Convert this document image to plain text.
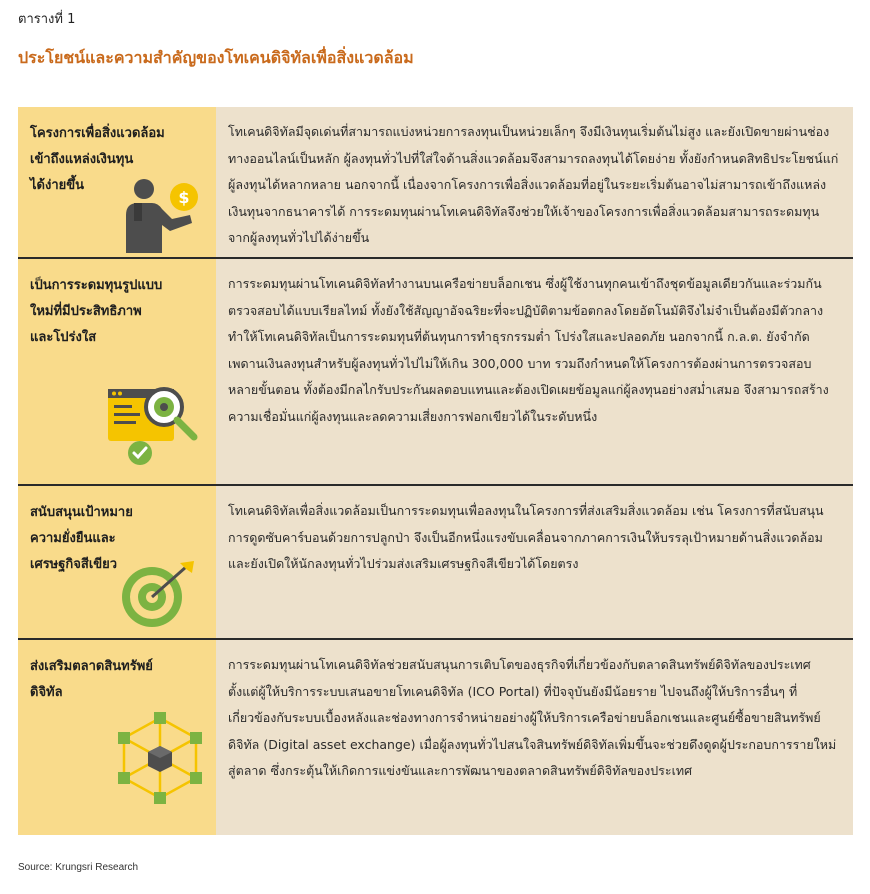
ตารางที่ 1
ประโยชน์และความสำคัญของโทเคนดิจิทัลเพื่อสิ่งแวดล้อม
โครงการเพื่อสิ่งแวดล้อม
เข้าถึงแหล่งเงินทุน
ได้ง่ายขึ้น
$
โทเคนดิจิทัลมีจุดเด่นที่สามารถแบ่งหน่วยการลงทุนเป็นหน่วยเล็กๆ จึงมีเงินทุนเริ่มต้นไม่สูง และยังเปิดขายผ่านช่องทางออนไลน์เป็นหลัก ผู้ลงทุนทั่วไปที่ใส่ใจด้านสิ่งแวดล้อมจึงสามารถลงทุนได้โดยง่าย ทั้งยังกำหนดสิทธิประโยชน์แก่ผู้ลงทุนได้หลากหลาย นอกจากนี้ เนื่องจากโครงการเพื่อสิ่งแวดล้อมที่อยู่ในระยะเริ่มต้นอาจไม่สามารถเข้าถึงแหล่งเงินทุนจากธนาคารได้ การระดมทุนผ่านโทเคนดิจิทัลจึงช่วยให้เจ้าของโครงการเพื่อสิ่งแวดล้อมสามารถระดมทุนจากผู้ลงทุนทั่วไปได้ง่ายขึ้น
เป็นการระดมทุนรูปแบบ
ใหม่ที่มีประสิทธิภาพ
และโปร่งใส
การระดมทุนผ่านโทเคนดิจิทัลทำงานบนเครือข่ายบล็อกเชน ซึ่งผู้ใช้งานทุกคนเข้าถึงชุดข้อมูลเดียวกันและร่วมกันตรวจสอบได้แบบเรียลไทม์ ทั้งยังใช้สัญญาอัจฉริยะที่จะปฏิบัติตามข้อตกลงโดยอัตโนมัติจึงไม่จำเป็นต้องมีตัวกลาง ทำให้โทเคนดิจิทัลเป็นการระดมทุนที่ต้นทุนการทำธุรกรรมต่ำ โปร่งใสและปลอดภัย นอกจากนี้ ก.ล.ต. ยังจำกัดเพดานเงินลงทุนสำหรับผู้ลงทุนทั่วไปไม่ให้เกิน 300,000 บาท รวมถึงกำหนดให้โครงการต้องผ่านการตรวจสอบหลายขั้นตอน ทั้งต้องมีกลไกรับประกันผลตอบแทนและต้องเปิดเผยข้อมูลแก่ผู้ลงทุนอย่างสม่ำเสมอ จึงสามารถสร้างความเชื่อมั่นแก่ผู้ลงทุนและลดความเสี่ยงการฟอกเขียวได้ในระดับหนึ่ง
สนับสนุนเป้าหมาย
ความยั่งยืนและ
เศรษฐกิจสีเขียว
โทเคนดิจิทัลเพื่อสิ่งแวดล้อมเป็นการระดมทุนเพื่อลงทุนในโครงการที่ส่งเสริมสิ่งแวดล้อม เช่น โครงการที่สนับสนุนการดูดซับคาร์บอนด้วยการปลูกป่า จึงเป็นอีกหนึ่งแรงขับเคลื่อนจากภาคการเงินให้บรรลุเป้าหมายด้านสิ่งแวดล้อม และยังเปิดให้นักลงทุนทั่วไปร่วมส่งเสริมเศรษฐกิจสีเขียวได้โดยตรง
ส่งเสริมตลาดสินทรัพย์
ดิจิทัล
การระดมทุนผ่านโทเคนดิจิทัลช่วยสนับสนุนการเติบโตของธุรกิจที่เกี่ยวข้องกับตลาดสินทรัพย์ดิจิทัลของประเทศ ตั้งแต่ผู้ให้บริการระบบเสนอขายโทเคนดิจิทัล (ICO Portal) ที่ปัจจุบันยังมีน้อยราย ไปจนถึงผู้ให้บริการอื่นๆ ที่เกี่ยวข้องกับระบบเบื้องหลังและช่องทางการจำหน่ายอย่างผู้ให้บริการเครือข่ายบล็อกเชนและศูนย์ซื้อขายสินทรัพย์ดิจิทัล (Digital asset exchange) เมื่อผู้ลงทุนทั่วไปสนใจสินทรัพย์ดิจิทัลเพิ่มขึ้นจะช่วยดึงดูดผู้ประกอบการรายใหม่สู่ตลาด ซึ่งกระตุ้นให้เกิดการแข่งขันและการพัฒนาของตลาดสินทรัพย์ดิจิทัลของประเทศ
Source: Krungsri Research
